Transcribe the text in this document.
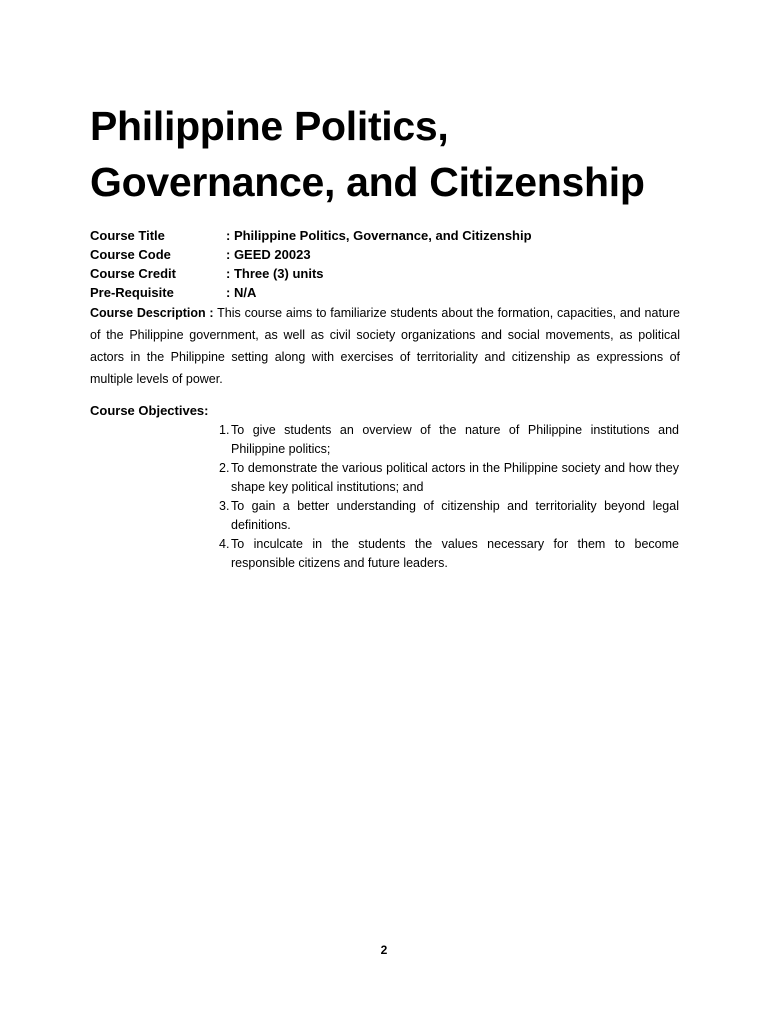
Philippine Politics, Governance, and Citizenship
Course Title	: Philippine Politics, Governance, and Citizenship
Course Code	: GEED 20023
Course Credit	: Three (3) units
Pre-Requisite	: N/A

Course Description : This course aims to familiarize students about the formation, capacities, and nature of the Philippine government, as well as civil society organizations and social movements, as political actors in the Philippine setting along with exercises of territoriality and citizenship as expressions of multiple levels of power.

Course Objectives:
1. To give students an overview of the nature of Philippine institutions and Philippine politics;
2. To demonstrate the various political actors in the Philippine society and how they shape key political institutions; and
3. To gain a better understanding of citizenship and territoriality beyond legal definitions.
4. To inculcate in the students the values necessary for them to become responsible citizens and future leaders.
2
